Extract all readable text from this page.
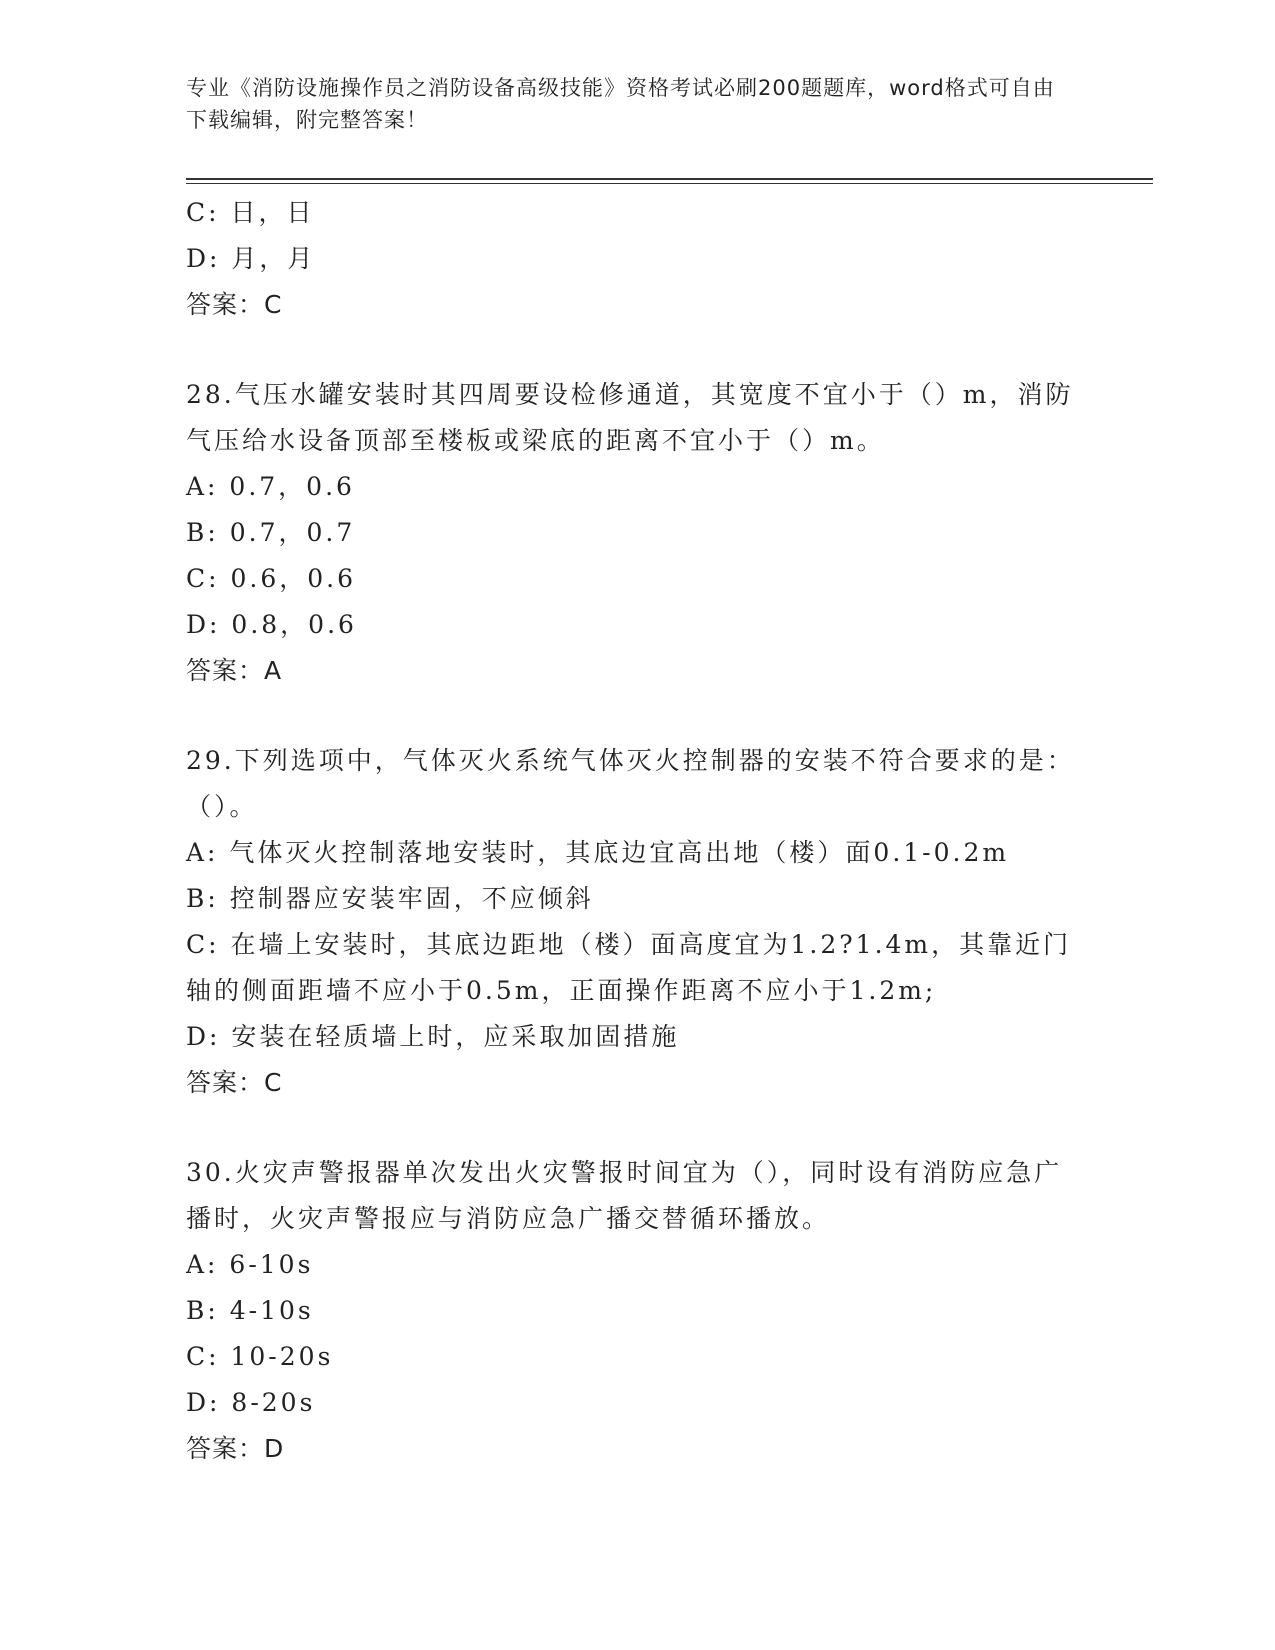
专业《消防设施操作员之消防设备高级技能》资格考试必刷200题题库，word格式可自由下载编辑，附完整答案！
C: 日，日
D: 月，月
答案：C
28.气压水罐安装时其四周要设检修通道，其宽度不宜小于（）m，消防气压给水设备顶部至楼板或梁底的距离不宜小于（）m。
A: 0.7，0.6
B: 0.7，0.7
C: 0.6，0.6
D: 0.8，0.6
答案：A
29.下列选项中，气体灭火系统气体灭火控制器的安装不符合要求的是：（）。
A: 气体灭火控制落地安装时，其底边宜高出地（楼）面0.1-0.2m
B: 控制器应安装牢固，不应倾斜
C: 在墙上安装时，其底边距地（楼）面高度宜为1.2?1.4m，其靠近门轴的侧面距墙不应小于0.5m，正面操作距离不应小于1.2m;
D: 安装在轻质墙上时，应采取加固措施
答案：C
30.火灾声警报器单次发出火灾警报时间宜为（），同时设有消防应急广播时，火灾声警报应与消防应急广播交替循环播放。
A: 6-10s
B: 4-10s
C: 10-20s
D: 8-20s
答案：D
